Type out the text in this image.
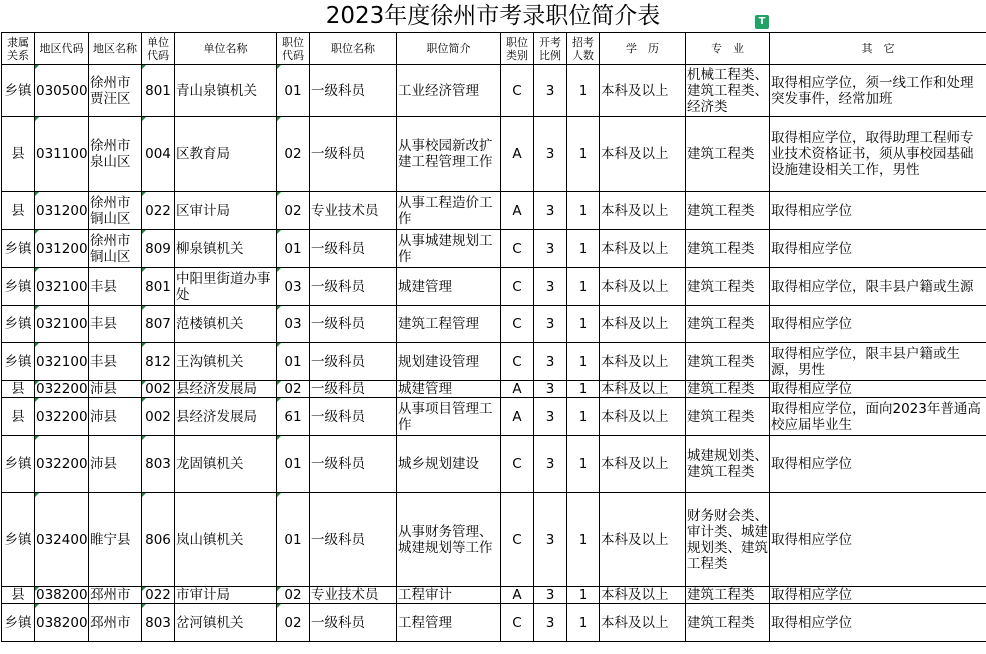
2023年度徐州市考录职位简介表	T
隶属关系	地区代码	地区名称	单位代码	单位名称	职位代码	职位名称	职位简介	职位类别	开考比例	招考人数	学　历	专　业	其　它
乡镇	030500	徐州市贾汪区	801	青山泉镇机关	01	一级科员	工业经济管理	C	3	1	本科及以上	机械工程类、建筑工程类、经济类	取得相应学位，须一线工作和处理突发事件，经常加班
县	031100	徐州市泉山区	004	区教育局	02	一级科员	从事校园新改扩建工程管理工作	A	3	1	本科及以上	建筑工程类	取得相应学位，取得助理工程师专业技术资格证书，须从事校园基础设施建设相关工作，男性
县	031200	徐州市铜山区	022	区审计局	02	专业技术员	从事工程造价工作	A	3	1	本科及以上	建筑工程类	取得相应学位
乡镇	031200	徐州市铜山区	809	柳泉镇机关	01	一级科员	从事城建规划工作	C	3	1	本科及以上	建筑工程类	取得相应学位
乡镇	032100	丰县	801	中阳里街道办事处	03	一级科员	城建管理	C	3	1	本科及以上	建筑工程类	取得相应学位，限丰县户籍或生源
乡镇	032100	丰县	807	范楼镇机关	03	一级科员	建筑工程管理	C	3	1	本科及以上	建筑工程类	取得相应学位
乡镇	032100	丰县	812	王沟镇机关	01	一级科员	规划建设管理	C	3	1	本科及以上	建筑工程类	取得相应学位，限丰县户籍或生源，男性
县	032200	沛县	002	县经济发展局	02	一级科员	城建管理	A	3	1	本科及以上	建筑工程类	取得相应学位
县	032200	沛县	002	县经济发展局	61	一级科员	从事项目管理工作	A	3	1	本科及以上	建筑工程类	取得相应学位，面向2023年普通高校应届毕业生
乡镇	032200	沛县	803	龙固镇机关	01	一级科员	城乡规划建设	C	3	1	本科及以上	城建规划类、建筑工程类	取得相应学位
乡镇	032400	睢宁县	806	岚山镇机关	01	一级科员	从事财务管理、城建规划等工作	C	3	1	本科及以上	财务财会类、审计类、城建规划类、建筑工程类	取得相应学位
县	038200	邳州市	022	市审计局	02	专业技术员	工程审计	A	3	1	本科及以上	建筑工程类	取得相应学位
乡镇	038200	邳州市	803	岔河镇机关	02	一级科员	工程管理	C	3	1	本科及以上	建筑工程类	取得相应学位
